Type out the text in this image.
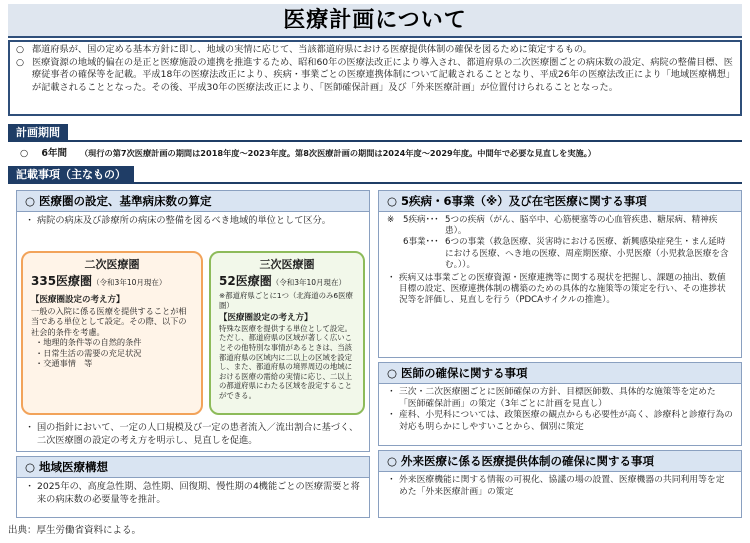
医療計画について
○ 都道府県が、国の定める基本方針に即し、地域の実情に応じて、当該都道府県における医療提供体制の確保を図るために策定するもの。
○ 医療資源の地域的偏在の是正と医療施設の連携を推進するため、昭和60年の医療法改正により導入され、都道府県の二次医療圏ごとの病床数の設定、病院の整備目標、医療従事者の確保等を記載。平成18年の医療法改正により、疾病・事業ごとの医療連携体制について記載されることとなり、平成26年の医療法改正により「地域医療構想」が記載されることとなった。その後、平成30年の医療法改正により、「医師確保計画」及び「外来医療計画」が位置付けられることとなった。
計画期間
○ 6年間 （現行の第7次医療計画の期間は2018年度～2023年度。第8次医療計画の期間は2024年度～2029年度。中間年で必要な見直しを実施。）
記載事項（主なもの）
○ 医療圏の設定、基準病床数の算定
・ 病院の病床及び診療所の病床の整備を図るべき地域的単位として区分。
二次医療圏
335医療圏（令和3年10月現在）
【医療圏設定の考え方】
一般の入院に係る医療を提供することが相当である単位として設定。その際、以下の社会的条件を考慮。
・地理的条件等の自然的条件
・日常生活の需要の充足状況
・交通事情　等
三次医療圏
52医療圏（令和3年10月現在）
※都道府県ごとに1つ（北海道のみ6医療圏）
【医療圏設定の考え方】
特殊な医療を提供する単位として設定。ただし、都道府県の区域が著しく広いことその他特別な事情があるときは、当該都道府県の区域内に二以上の区域を設定し、また、都道府県の境界周辺の地域における医療の需給の実情に応じ、二以上の都道府県にわたる区域を設定することができる。
・ 国の指針において、一定の人口規模及び一定の患者流入／流出割合に基づく、二次医療圏の設定の考え方を明示し、見直しを促進。
○ 地域医療構想
・ 2025年の、高度急性期、急性期、回復期、慢性期の4機能ごとの医療需要と将来の病床数の必要量等を推計。
○ 5疾病・6事業（※）及び在宅医療に関する事項
※	5疾病･･･ 5つの疾病（がん、脳卒中、心筋梗塞等の心血管疾患、糖尿病、精神疾患）。
6事業･･･ 6つの事業（救急医療、災害時における医療、新興感染症発生・まん延時における医療、へき地の医療、周産期医療、小児医療（小児救急医療を含む。））。
・ 疾病又は事業ごとの医療資源・医療連携等に関する現状を把握し、課題の抽出、数値目標の設定、医療連携体制の構築のための具体的な施策等の策定を行い、その進捗状況等を評価し、見直しを行う（PDCAサイクルの推進）。
○ 医師の確保に関する事項
・ 三次・二次医療圏ごとに医師確保の方針、目標医師数、具体的な施策等を定めた「医師確保計画」の策定（3年ごとに計画を見直し）
・ 産科、小児科については、政策医療の観点からも必要性が高く、診療科と診療行為の対応も明らかにしやすいことから、個別に策定
○ 外来医療に係る医療提供体制の確保に関する事項
・ 外来医療機能に関する情報の可視化、協議の場の設置、医療機器の共同利用等を定めた「外来医療計画」の策定
出典：厚生労働省資料による。
